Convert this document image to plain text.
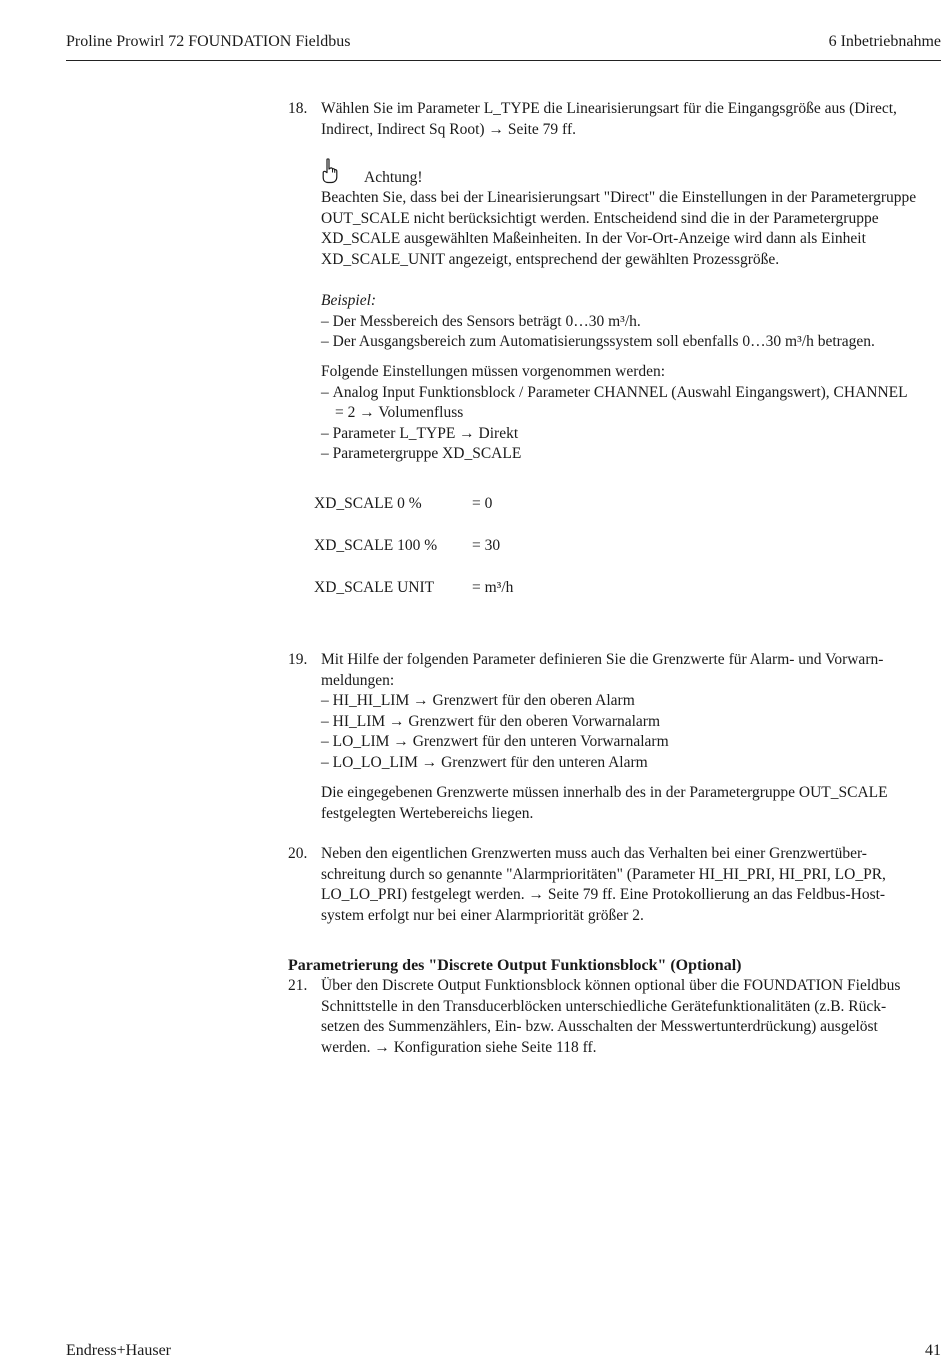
Proline Prowirl 72 FOUNDATION Fieldbus	6 Inbetriebnahme
18. Wählen Sie im Parameter L_TYPE die Linearisierungsart für die Eingangsgröße aus (Direct,

Indirect, Indirect Sq Root) → Seite 79 ff.

Achtung!

Beachten Sie, dass bei der Linearisierungsart "Direct" die Einstellungen in der Parametergruppe

OUT_SCALE nicht berücksichtigt werden. Entscheidend sind die in der Parametergruppe

XD_SCALE ausgewählten Maßeinheiten. In der Vor-Ort-Anzeige wird dann als Einheit

XD_SCALE_UNIT angezeigt, entsprechend der gewählten Prozessgröße.

Beispiel:

– Der Messbereich des Sensors beträgt 0…30 m³/h.

– Der Ausgangsbereich zum Automatisierungssystem soll ebenfalls 0…30 m³/h betragen.

Folgende Einstellungen müssen vorgenommen werden:

– Analog Input Funktionsblock / Parameter CHANNEL (Auswahl Eingangswert), CHANNEL

= 2 → Volumenfluss

– Parameter L_TYPE → Direkt

– Parametergruppe XD_SCALE

XD_SCALE 0 %	= 0
XD_SCALE 100 % = 30
XD_SCALE UNIT = m³/h
19. Mit Hilfe der folgenden Parameter definieren Sie die Grenzwerte für Alarm- und Vorwarn-

meldungen:

– HI_HI_LIM → Grenzwert für den oberen Alarm

– HI_LIM → Grenzwert für den oberen Vorwarnalarm

– LO_LIM → Grenzwert für den unteren Vorwarnalarm

– LO_LO_LIM → Grenzwert für den unteren Alarm

Die eingegebenen Grenzwerte müssen innerhalb des in der Parametergruppe OUT_SCALE

festgelegten Wertebereichs liegen.

20. Neben den eigentlichen Grenzwerten muss auch das Verhalten bei einer Grenzwertüber-

schreitung durch so genannte "Alarmprioritäten" (Parameter HI_HI_PRI, HI_PRI, LO_PR,

LO_LO_PRI) festgelegt werden. → Seite 79 ff. Eine Protokollierung an das Feldbus-Host-

system erfolgt nur bei einer Alarmpriorität größer 2.

Parametrierung des "Discrete Output Funktionsblock" (Optional)
21. Über den Discrete Output Funktionsblock können optional über die FOUNDATION Fieldbus

Schnittstelle in den Transducerblöcken unterschiedliche Gerätefunktionalitäten (z.B. Rück-

setzen des Summenzählers, Ein- bzw. Ausschalten der Messwertunterdrückung) ausgelöst

werden. → Konfiguration siehe Seite 118 ff.

Endress+Hauser	41
